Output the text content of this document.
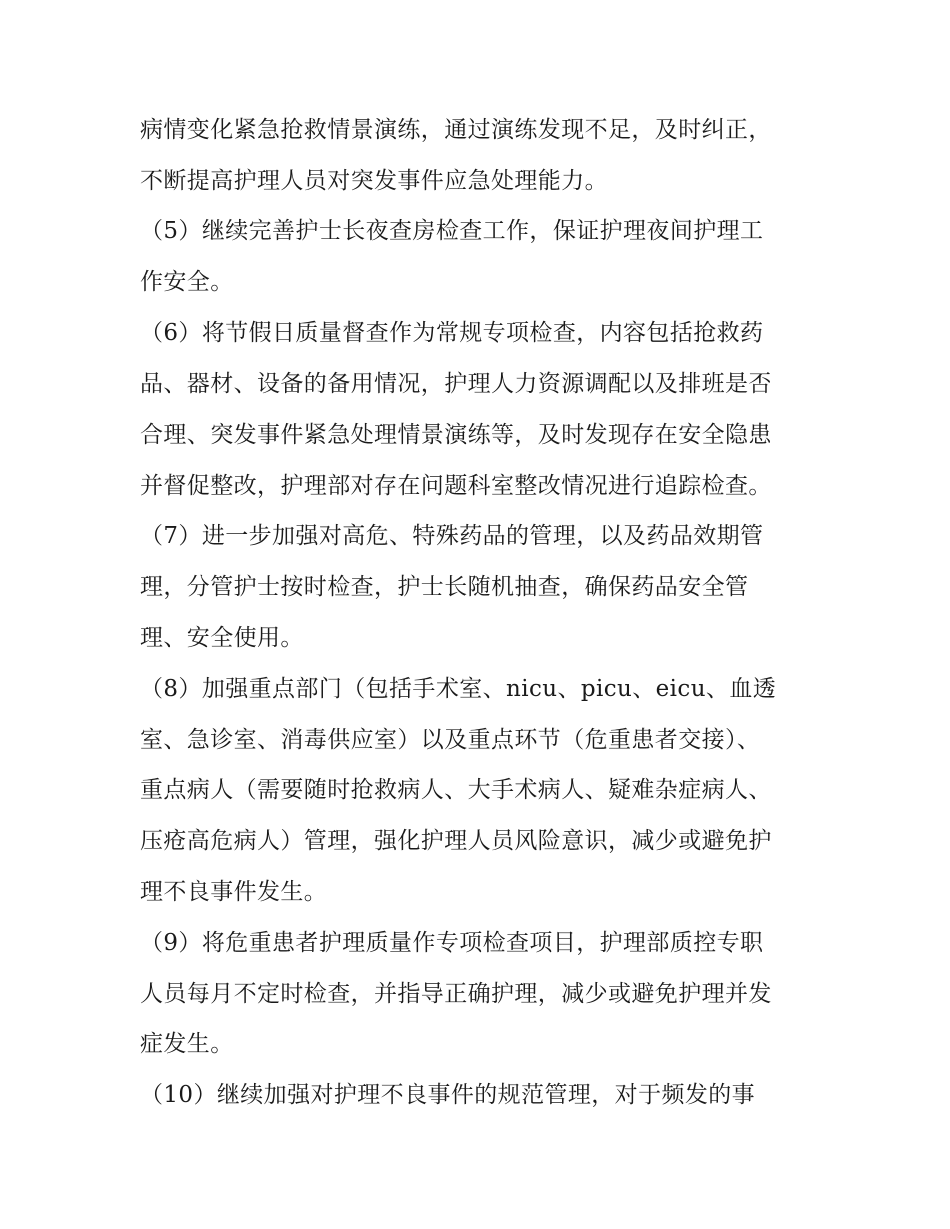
病情变化紧急抢救情景演练，通过演练发现不足，及时纠正，
不断提高护理人员对突发事件应急处理能力。
（5）继续完善护士长夜查房检查工作，保证护理夜间护理工
作安全。
（6）将节假日质量督查作为常规专项检查，内容包括抢救药
品、器材、设备的备用情况，护理人力资源调配以及排班是否
合理、突发事件紧急处理情景演练等，及时发现存在安全隐患
并督促整改，护理部对存在问题科室整改情况进行追踪检查。
（7）进一步加强对高危、特殊药品的管理，以及药品效期管
理，分管护士按时检查，护士长随机抽查，确保药品安全管
理、安全使用。
（8）加强重点部门（包括手术室、nicu、picu、eicu、血透
室、急诊室、消毒供应室）以及重点环节（危重患者交接）、
重点病人（需要随时抢救病人、大手术病人、疑难杂症病人、
压疮高危病人）管理，强化护理人员风险意识，减少或避免护
理不良事件发生。
（9）将危重患者护理质量作专项检查项目，护理部质控专职
人员每月不定时检查，并指导正确护理，减少或避免护理并发
症发生。
（10）继续加强对护理不良事件的规范管理，对于频发的事
